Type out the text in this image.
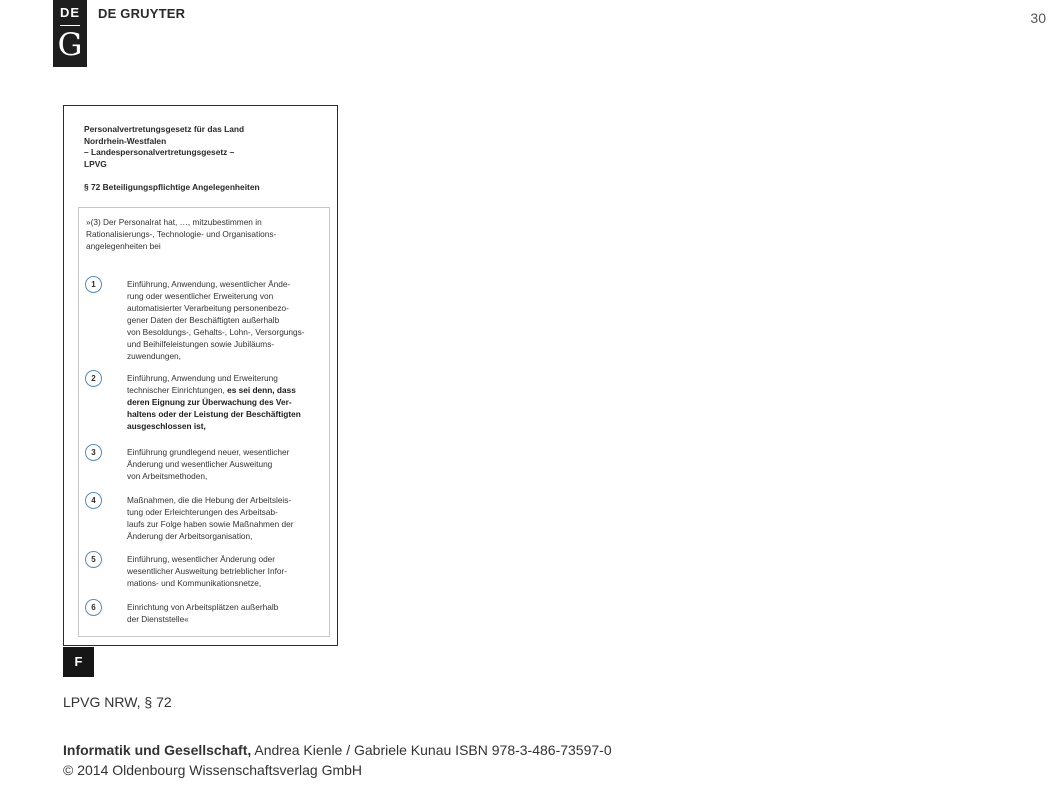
DE
G
DE GRUYTER	30
Personalvertretungsgesetz für das Land
Nordrhein-Westfalen
– Landespersonalvertretungsgesetz –
LPVG
§ 72 Beteiligungspflichtige Angelegenheiten
»(3) Der Personalrat hat, …, mitzubestimmen in Rationalisierungs-, Technologie- und Organisations-angelegenheiten bei
1	Einführung, Anwendung, wesentlicher Ände-
rung oder wesentlicher Erweiterung von
automatisierter Verarbeitung personenbezo-
gener Daten der Beschäftigten außerhalb
von Besoldungs-, Gehalts-, Lohn-, Versorgungs-
und Beihilfeleistungen sowie Jubiläums-
zuwendungen,
2	Einführung, Anwendung und Erweiterung
technischer Einrichtungen, es sei denn, dass
deren Eignung zur Überwachung des Ver-
haltens oder der Leistung der Beschäftigten
ausgeschlossen ist,
3	Einführung grundlegend neuer, wesentlicher
Änderung und wesentlicher Ausweitung
von Arbeitsmethoden,
4	Maßnahmen, die die Hebung der Arbeitsleis-
tung oder Erleichterungen des Arbeitsab-
laufs zur Folge haben sowie Maßnahmen der
Änderung der Arbeitsorganisation,
5	Einführung, wesentlicher Änderung oder
wesentlicher Ausweitung betrieblicher Infor-
mations- und Kommunikationsnetze,
6	Einrichtung von Arbeitsplätzen außerhalb
der Dienststelle«
F
LPVG NRW, § 72
Informatik und Gesellschaft, Andrea Kienle / Gabriele Kunau ISBN 978-3-486-73597-0
© 2014 Oldenbourg Wissenschaftsverlag GmbH
